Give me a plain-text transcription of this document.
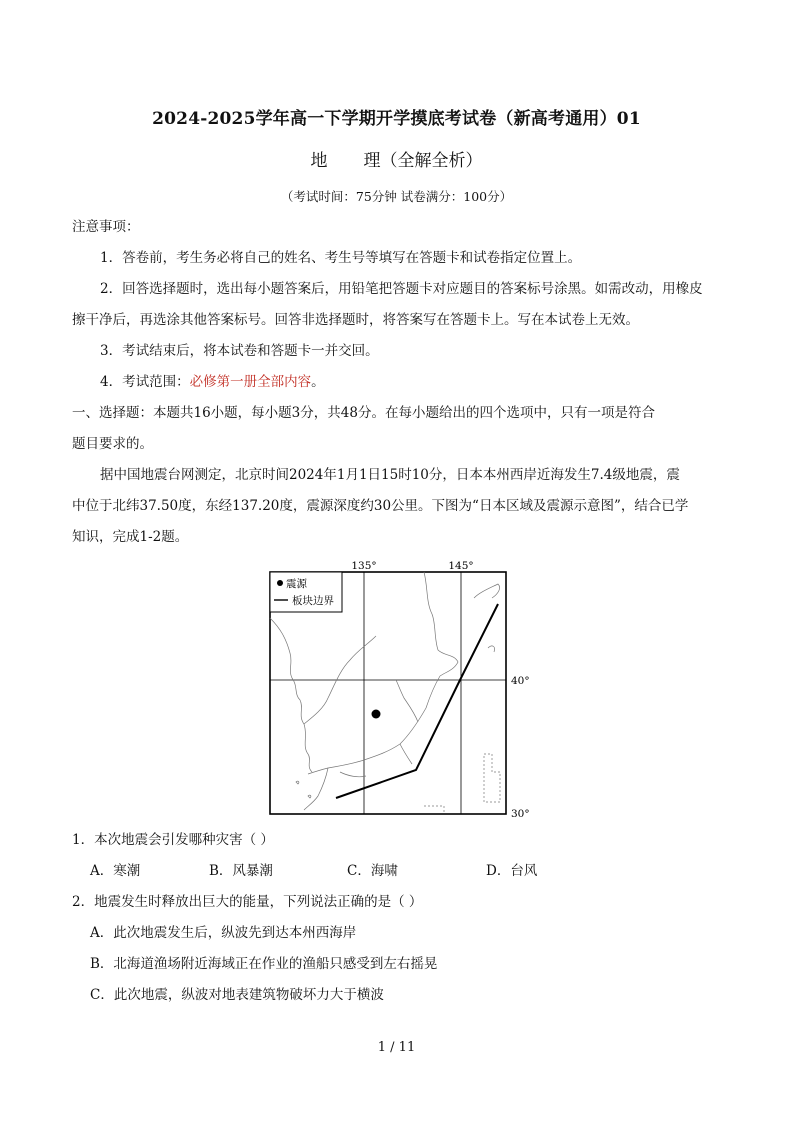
2024-2025学年高一下学期开学摸底考试卷（新高考通用）01
地 理（全解全析）
（考试时间：75分钟 试卷满分：100分）
注意事项：
1．答卷前，考生务必将自己的姓名、考生号等填写在答题卡和试卷指定位置上。
2．回答选择题时，选出每小题答案后，用铅笔把答题卡对应题目的答案标号涂黑。如需改动，用橡皮
擦干净后，再选涂其他答案标号。回答非选择题时，将答案写在答题卡上。写在本试卷上无效。
3．考试结束后，将本试卷和答题卡一并交回。
4．考试范围：必修第一册全部内容。
一、选择题：本题共16小题，每小题3分，共48分。在每小题给出的四个选项中，只有一项是符合
题目要求的。
据中国地震台网测定，北京时间2024年1月1日15时10分，日本本州西岸近海发生7.4级地震，震
中位于北纬37.50度，东经137.20度，震源深度约30公里。下图为“日本区域及震源示意图”，结合已学
知识，完成1-2题。
震源
板块边界
135°	145°
40°
30°
1．本次地震会引发哪种灾害（ ）
A．寒潮	B．风暴潮	C．海啸	D．台风
2．地震发生时释放出巨大的能量，下列说法正确的是（ ）
A．此次地震发生后，纵波先到达本州西海岸
B．北海道渔场附近海域正在作业的渔船只感受到左右摇晃
C．此次地震，纵波对地表建筑物破坏力大于横波
1 / 11
